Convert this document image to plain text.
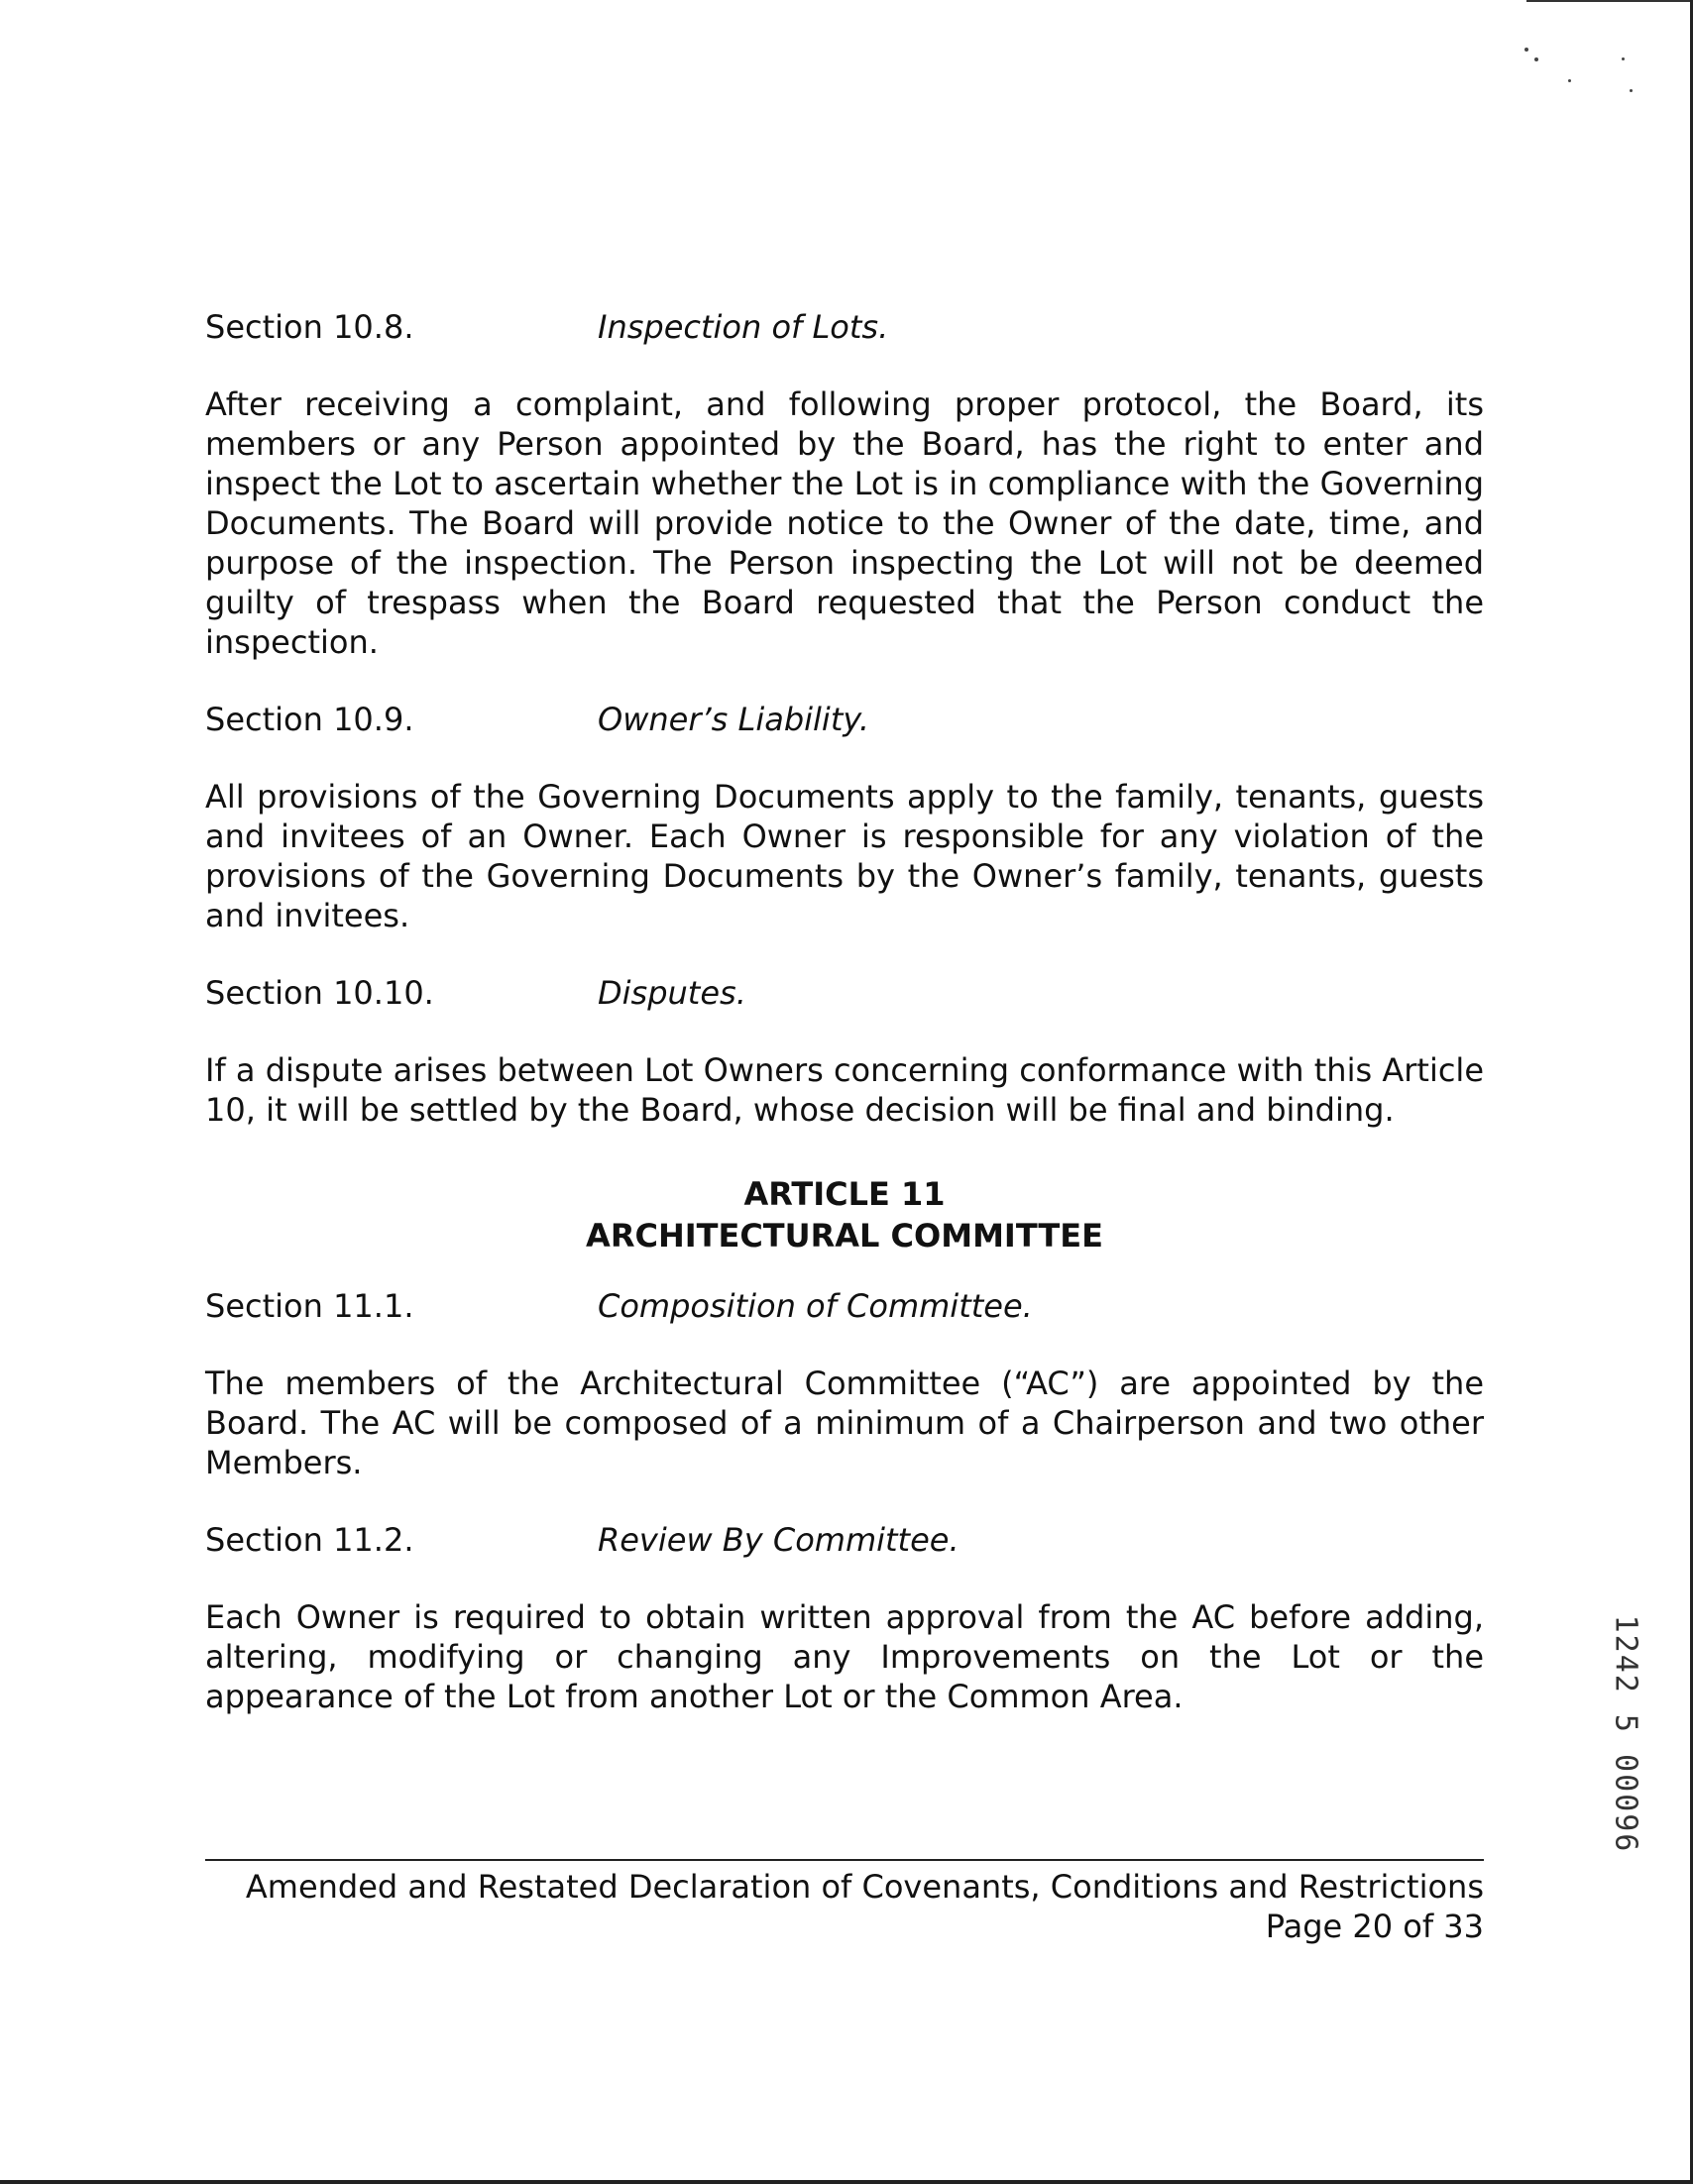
Section 10.8.	Inspection of Lots.

After receiving a complaint, and following proper protocol, the Board, its members or any Person appointed by the Board, has the right to enter and inspect the Lot to ascertain whether the Lot is in compliance with the Governing Documents. The Board will provide notice to the Owner of the date, time, and purpose of the inspection. The Person inspecting the Lot will not be deemed guilty of trespass when the Board requested that the Person conduct the inspection.

Section 10.9.	Owner’s Liability.

All provisions of the Governing Documents apply to the family, tenants, guests and invitees of an Owner. Each Owner is responsible for any violation of the provisions of the Governing Documents by the Owner’s family, tenants, guests and invitees.

Section 10.10.	Disputes.

If a dispute arises between Lot Owners concerning conformance with this Article 10, it will be settled by the Board, whose decision will be final and binding.

ARTICLE 11
ARCHITECTURAL COMMITTEE
Section 11.1.	Composition of Committee.

The members of the Architectural Committee (“AC”) are appointed by the Board. The AC will be composed of a minimum of a Chairperson and two other Members.

Section 11.2.	Review By Committee.

Each Owner is required to obtain written approval from the AC before adding, altering, modifying or changing any Improvements on the Lot or the appearance of the Lot from another Lot or the Common Area.

Amended and Restated Declaration of Covenants, Conditions and Restrictions
Page 20 of 33
1242 5 00096
